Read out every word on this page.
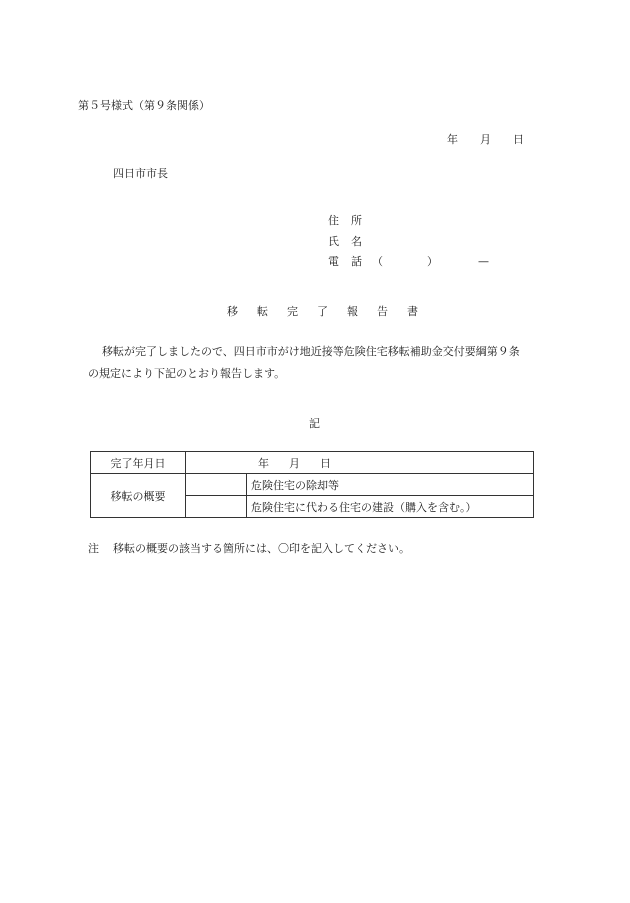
第５号様式（第９条関係）
年 月 日
四日市市長
住所
氏名
電話
（	）	—
移転完了報告書
移転が完了しましたので、四日市市がけ地近接等危険住宅移転補助金交付要綱第９条
の規定により下記のとおり報告します。
記
完了年月日	年 月 日	
移転の概要		危険住宅の除却等
		危険住宅に代わる住宅の建設（購入を含む。）
注 移転の概要の該当する箇所には、〇印を記入してください。
